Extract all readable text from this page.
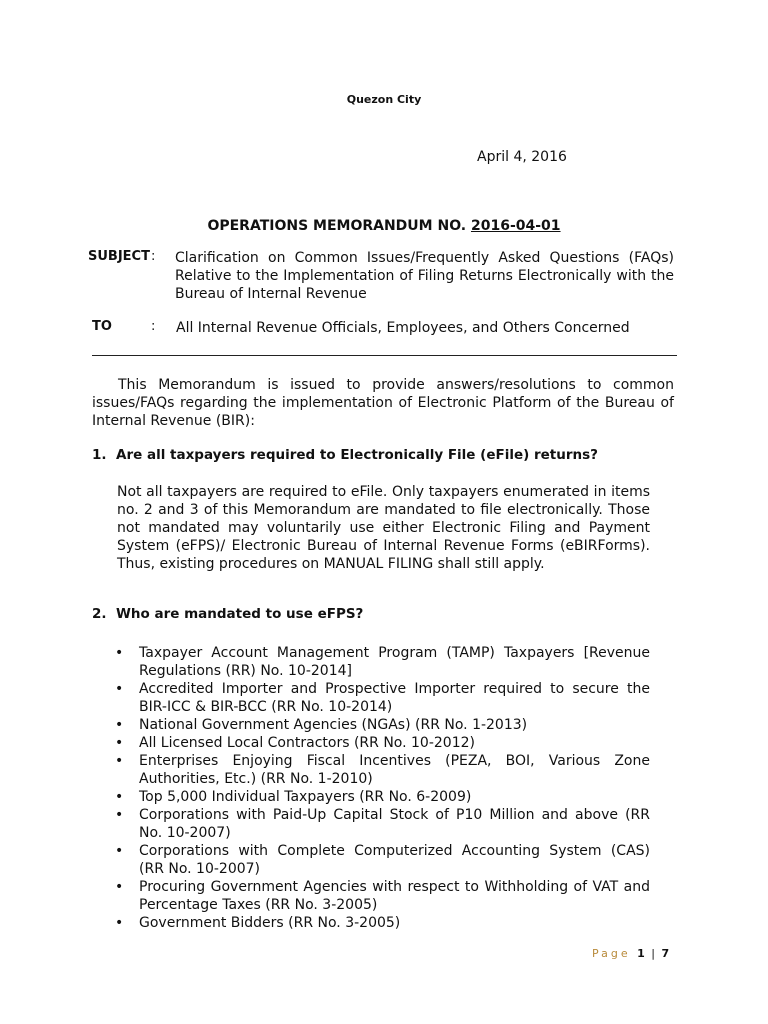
Quezon City
April 4, 2016
OPERATIONS MEMORANDUM NO. 2016-04-01
SUBJECT : Clarification on Common Issues/Frequently Asked Questions (FAQs) Relative to the Implementation of Filing Returns Electronically with the Bureau of Internal Revenue
TO	: All Internal Revenue Officials, Employees, and Others Concerned
This Memorandum is issued to provide answers/resolutions to common issues/FAQs regarding the implementation of Electronic Platform of the Bureau of Internal Revenue (BIR):
1. Are all taxpayers required to Electronically File (eFile) returns?
Not all taxpayers are required to eFile. Only taxpayers enumerated in items no. 2 and 3 of this Memorandum are mandated to file electronically. Those not mandated may voluntarily use either Electronic Filing and Payment System (eFPS)/ Electronic Bureau of Internal Revenue Forms (eBIRForms). Thus, existing procedures on MANUAL FILING shall still apply.
2. Who are mandated to use eFPS?
• Taxpayer Account Management Program (TAMP) Taxpayers [Revenue Regulations (RR) No. 10-2014]
• Accredited Importer and Prospective Importer required to secure the BIR-ICC & BIR-BCC (RR No. 10-2014)
• National Government Agencies (NGAs) (RR No. 1-2013)
• All Licensed Local Contractors (RR No. 10-2012)
• Enterprises Enjoying Fiscal Incentives (PEZA, BOI, Various Zone Authorities, Etc.) (RR No. 1-2010)
• Top 5,000 Individual Taxpayers (RR No. 6-2009)
• Corporations with Paid-Up Capital Stock of P10 Million and above (RR No. 10-2007)
• Corporations with Complete Computerized Accounting System (CAS) (RR No. 10-2007)
• Procuring Government Agencies with respect to Withholding of VAT and Percentage Taxes (RR No. 3-2005)
• Government Bidders (RR No. 3-2005)
Page 1 | 7
